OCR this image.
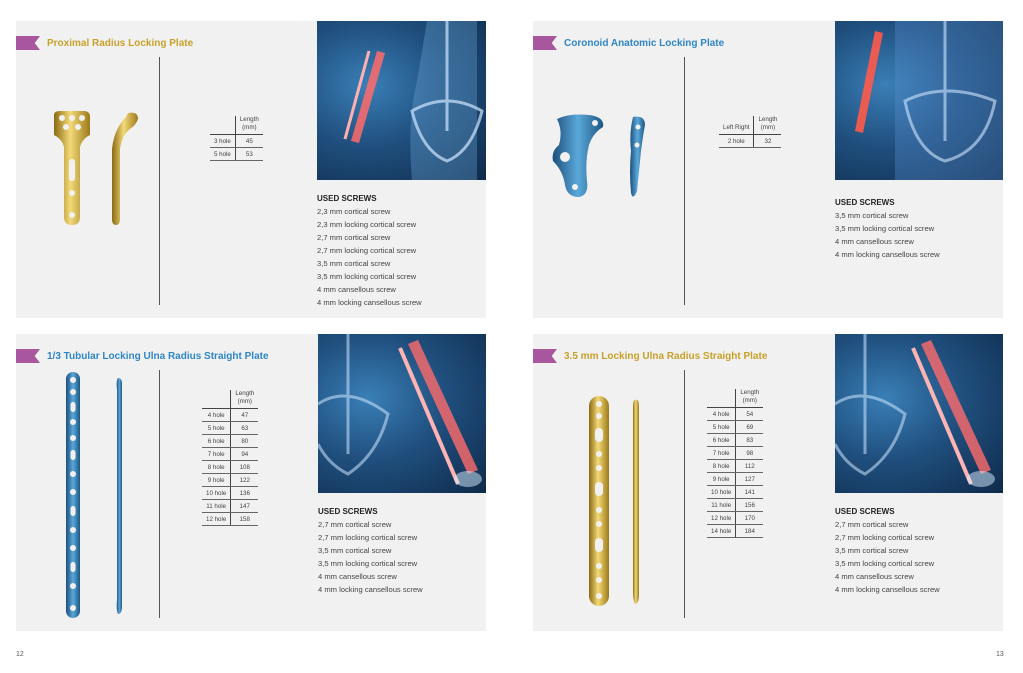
Proximal Radius Locking Plate
	Length
(mm)
3 hole	45
5 hole	53
USED SCREWS
2,3 mm cortical screw
2,3 mm locking cortical screw
2,7 mm cortical screw
2,7 mm locking cortical screw
3,5 mm cortical screw
3,5 mm locking cortical screw
4 mm cansellous screw
4 mm locking cansellous screw
Coronoid Anatomic Locking Plate
Left Right	Length
(mm)
2 hole	32
USED SCREWS
3,5 mm cortical screw
3,5 mm locking cortical screw
4 mm cansellous screw
4 mm locking cansellous screw
1/3 Tubular Locking Ulna Radius Straight Plate
	Length
(mm)
4 hole	47
5 hole	63
6 hole	80
7 hole	94
8 hole	108
9 hole	122
10 hole	136
11 hole	147
12 hole	158
USED SCREWS
2,7 mm cortical screw
2,7 mm locking cortical screw
3,5 mm cortical screw
3,5 mm locking cortical screw
4 mm cansellous screw
4 mm locking cansellous screw
3.5 mm Locking Ulna Radius Straight Plate
	Length
(mm)
4 hole	54
5 hole	69
6 hole	83
7 hole	98
8 hole	112
9 hole	127
10 hole	141
11 hole	156
12 hole	170
14 hole	184
USED SCREWS
2,7 mm cortical screw
2,7 mm locking cortical screw
3,5 mm cortical screw
3,5 mm locking cortical screw
4 mm cansellous screw
4 mm locking cansellous screw
12	13
